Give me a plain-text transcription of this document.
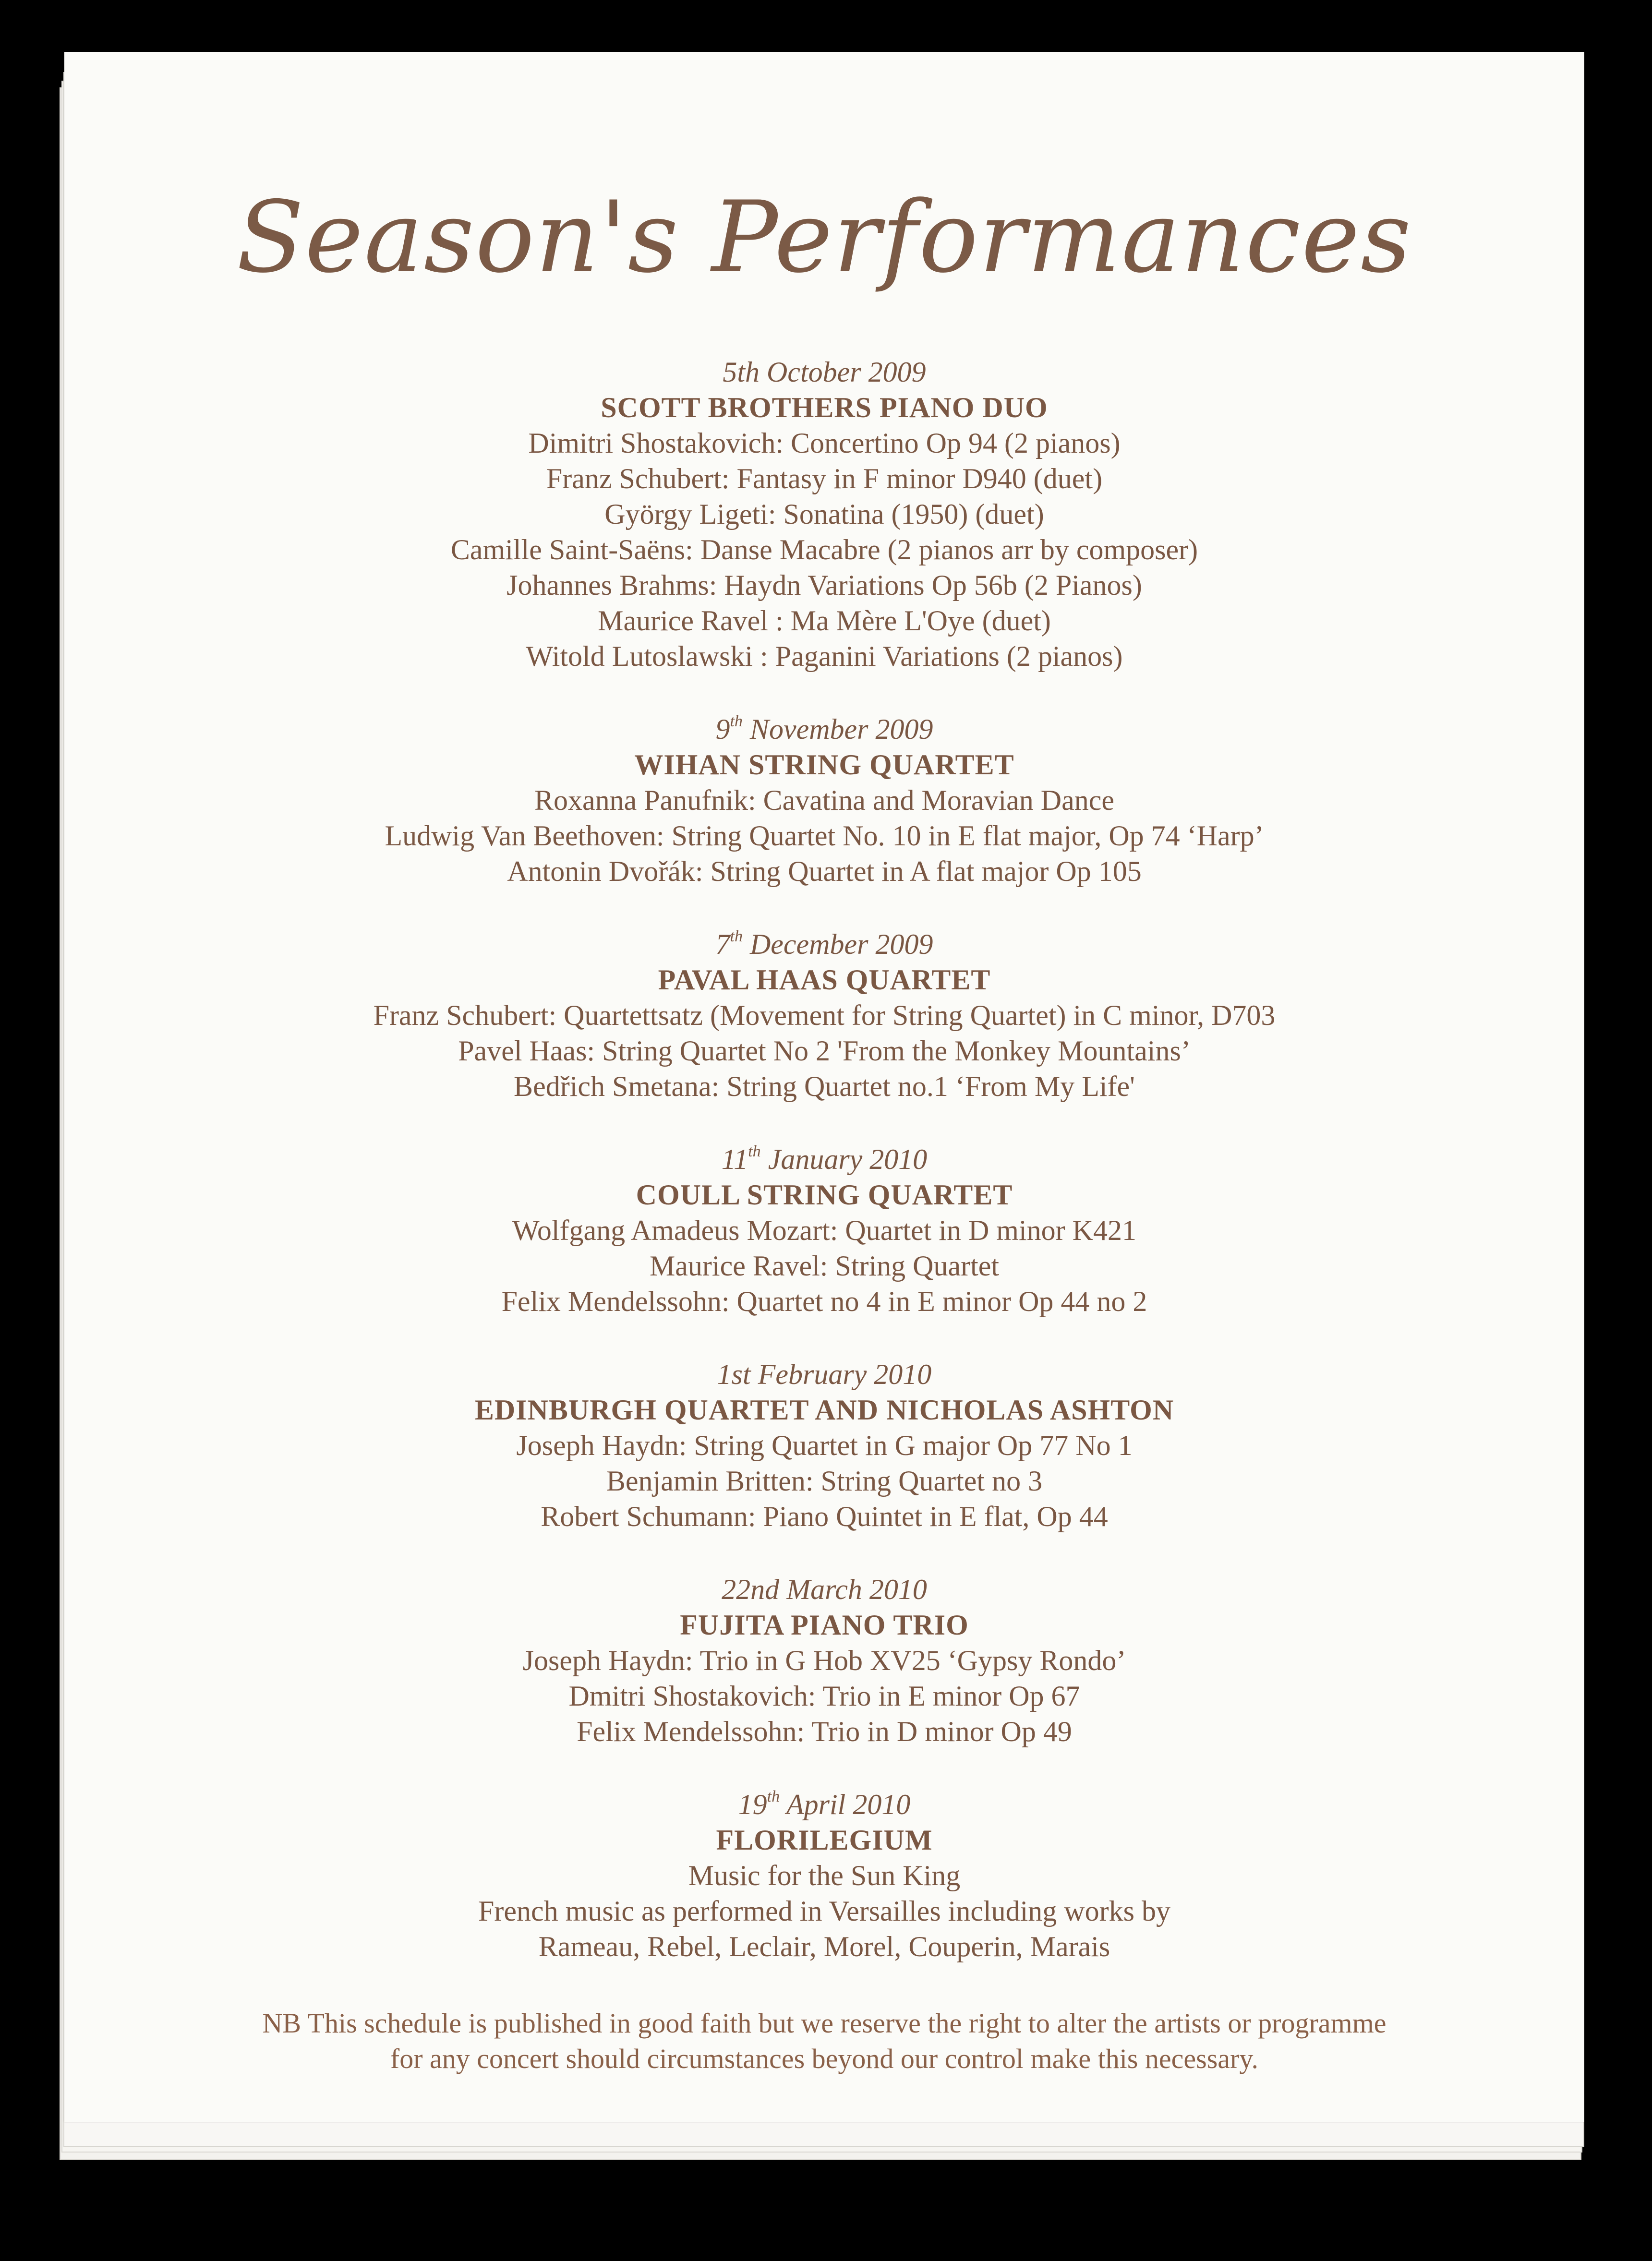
Season's Performances
5th October 2009
SCOTT BROTHERS PIANO DUO
Dimitri Shostakovich: Concertino Op 94 (2 pianos)
Franz Schubert: Fantasy in F minor D940 (duet)
György Ligeti: Sonatina (1950) (duet)
Camille Saint-Saëns: Danse Macabre (2 pianos arr by composer)
Johannes Brahms: Haydn Variations Op 56b (2 Pianos)
Maurice Ravel : Ma Mère L'Oye (duet)
Witold Lutoslawski : Paganini Variations (2 pianos)
9th November 2009
WIHAN STRING QUARTET
Roxanna Panufnik: Cavatina and Moravian Dance
Ludwig Van Beethoven: String Quartet No. 10 in E flat major, Op 74 ‘Harp’
Antonin Dvořák: String Quartet in A flat major Op 105
7th December 2009
PAVAL HAAS QUARTET
Franz Schubert: Quartettsatz (Movement for String Quartet) in C minor, D703
Pavel Haas: String Quartet No 2 'From the Monkey Mountains’
Bedřich Smetana: String Quartet no.1 ‘From My Life'
11th January 2010
COULL STRING QUARTET
Wolfgang Amadeus Mozart: Quartet in D minor K421
Maurice Ravel: String Quartet
Felix Mendelssohn: Quartet no 4 in E minor Op 44 no 2
1st February 2010
EDINBURGH QUARTET AND NICHOLAS ASHTON
Joseph Haydn: String Quartet in G major Op 77 No 1
Benjamin Britten: String Quartet no 3
Robert Schumann: Piano Quintet in E flat, Op 44
22nd March 2010
FUJITA PIANO TRIO
Joseph Haydn: Trio in G Hob XV25 ‘Gypsy Rondo’
Dmitri Shostakovich: Trio in E minor Op 67
Felix Mendelssohn: Trio in D minor Op 49
19th April 2010
FLORILEGIUM
Music for the Sun King
French music as performed in Versailles including works by
Rameau, Rebel, Leclair, Morel, Couperin, Marais
NB This schedule is published in good faith but we reserve the right to alter the artists or programme
for any concert should circumstances beyond our control make this necessary.
